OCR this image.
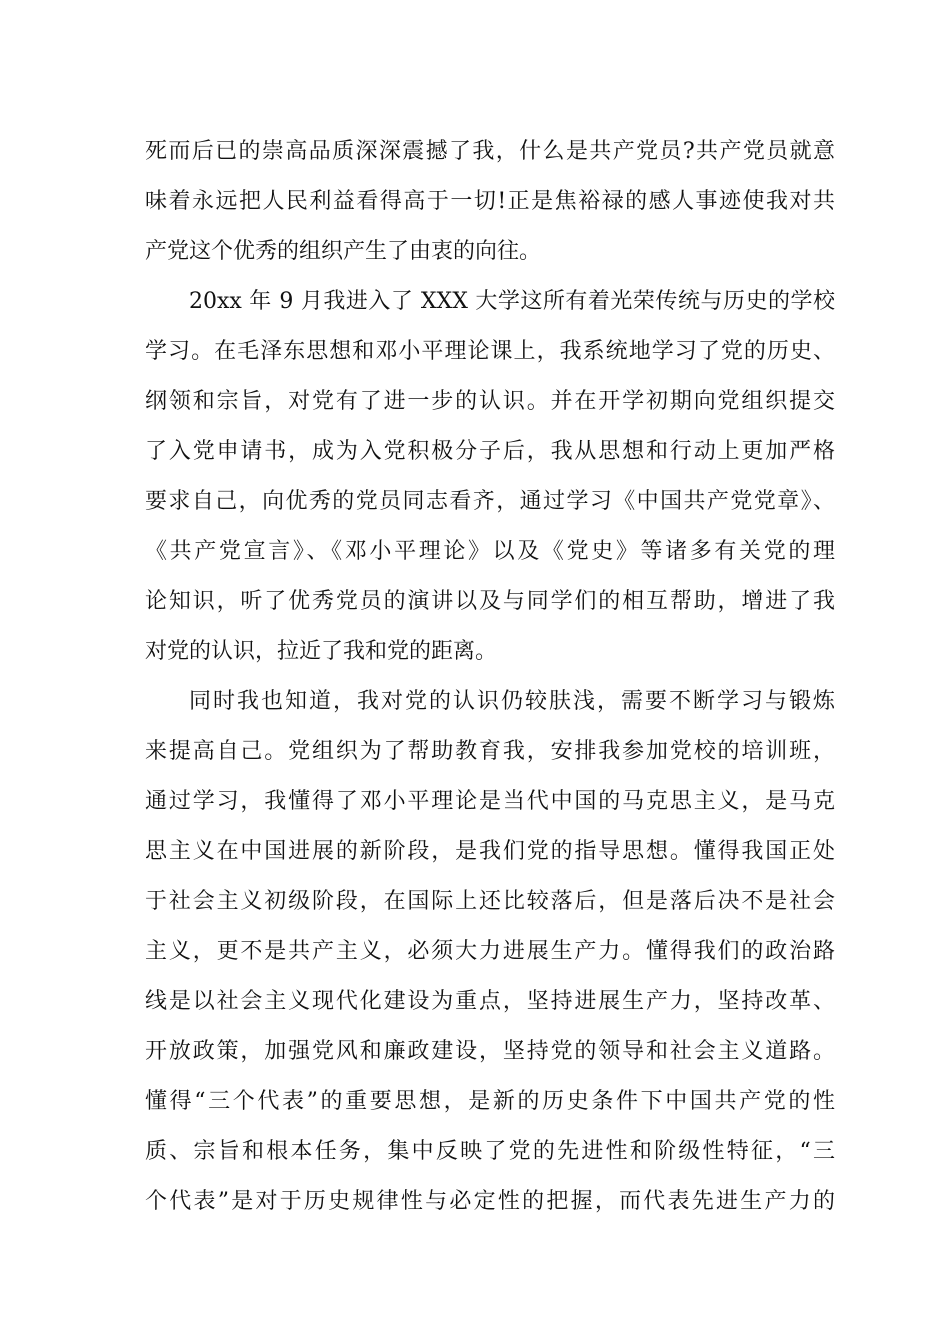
死而后已的崇高品质深深震撼了我，什么是共产党员?共产党员就意
味着永远把人民利益看得高于一切!正是焦裕禄的感人事迹使我对共
产党这个优秀的组织产生了由衷的向往。
20xx 年 9 月我进入了 XXX 大学这所有着光荣传统与历史的学校
学习。在毛泽东思想和邓小平理论课上，我系统地学习了党的历史、
纲领和宗旨，对党有了进一步的认识。并在开学初期向党组织提交
了入党申请书，成为入党积极分子后，我从思想和行动上更加严格
要求自己，向优秀的党员同志看齐，通过学习《中国共产党党章》、
《共产党宣言》、《邓小平理论》以及《党史》等诸多有关党的理
论知识，听了优秀党员的演讲以及与同学们的相互帮助，增进了我
对党的认识，拉近了我和党的距离。
同时我也知道，我对党的认识仍较肤浅，需要不断学习与锻炼
来提高自己。党组织为了帮助教育我，安排我参加党校的培训班，
通过学习，我懂得了邓小平理论是当代中国的马克思主义，是马克
思主义在中国进展的新阶段，是我们党的指导思想。懂得我国正处
于社会主义初级阶段，在国际上还比较落后，但是落后决不是社会
主义，更不是共产主义，必须大力进展生产力。懂得我们的政治路
线是以社会主义现代化建设为重点，坚持进展生产力，坚持改革、
开放政策，加强党风和廉政建设，坚持党的领导和社会主义道路。
懂得“三个代表”的重要思想，是新的历史条件下中国共产党的性
质、宗旨和根本任务，集中反映了党的先进性和阶级性特征，“三
个代表”是对于历史规律性与必定性的把握，而代表先进生产力的
